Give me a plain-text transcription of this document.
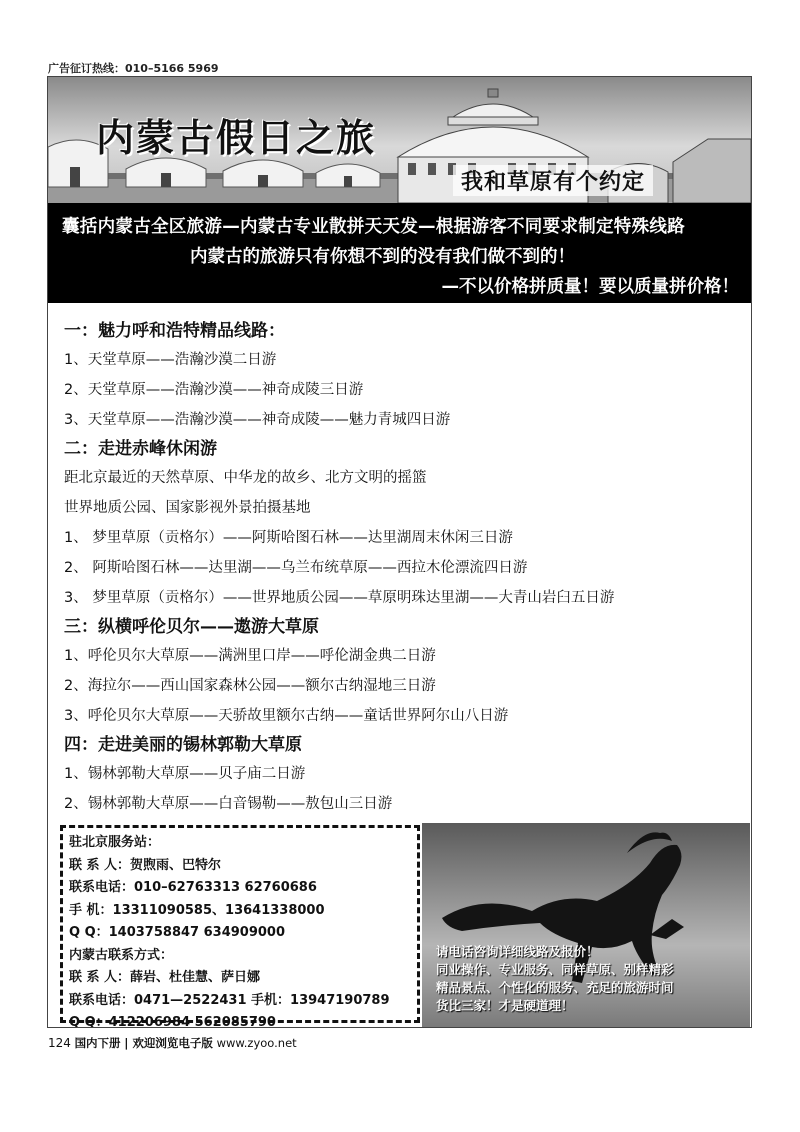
广告征订热线：010–5166 5969
内蒙古假日之旅
我和草原有个约定
囊括内蒙古全区旅游—内蒙古专业散拼天天发—根据游客不同要求制定特殊线路
内蒙古的旅游只有你想不到的没有我们做不到的！
—不以价格拼质量！要以质量拼价格！
一：魅力呼和浩特精品线路：
1、天堂草原——浩瀚沙漠二日游
2、天堂草原——浩瀚沙漠——神奇成陵三日游
3、天堂草原——浩瀚沙漠——神奇成陵——魅力青城四日游
二：走进赤峰休闲游
距北京最近的天然草原、中华龙的故乡、北方文明的摇篮
世界地质公园、国家影视外景拍摄基地
1、 梦里草原（贡格尔）——阿斯哈图石林——达里湖周末休闲三日游
2、 阿斯哈图石林——达里湖——乌兰布统草原——西拉木伦漂流四日游
3、 梦里草原（贡格尔）——世界地质公园——草原明珠达里湖——大青山岩臼五日游
三：纵横呼伦贝尔——遨游大草原
1、呼伦贝尔大草原——满洲里口岸——呼伦湖金典二日游
2、海拉尔——西山国家森林公园——额尔古纳湿地三日游
3、呼伦贝尔大草原——天骄故里额尔古纳——童话世界阿尔山八日游
四：走进美丽的锡林郭勒大草原
1、锡林郭勒大草原——贝子庙二日游
2、锡林郭勒大草原——白音锡勒——敖包山三日游
驻北京服务站：
联 系 人：贺煦雨、巴特尔
联系电话：010–62763313 62760686
手 机：13311090585、13641338000
Q Q：1403758847 634909000
内蒙古联系方式：
联 系 人：薛岩、杜佳慧、萨日娜
联系电话：0471—2522431 手机：13947190789
Q Q：412206984 562085790
请电话咨询详细线路及报价！
同业操作、专业服务、同样草原、别样精彩
精品景点、个性化的服务、充足的旅游时间
货比三家！才是硬道理！
124 国内下册 | 欢迎浏览电子版 www.zyoo.net
